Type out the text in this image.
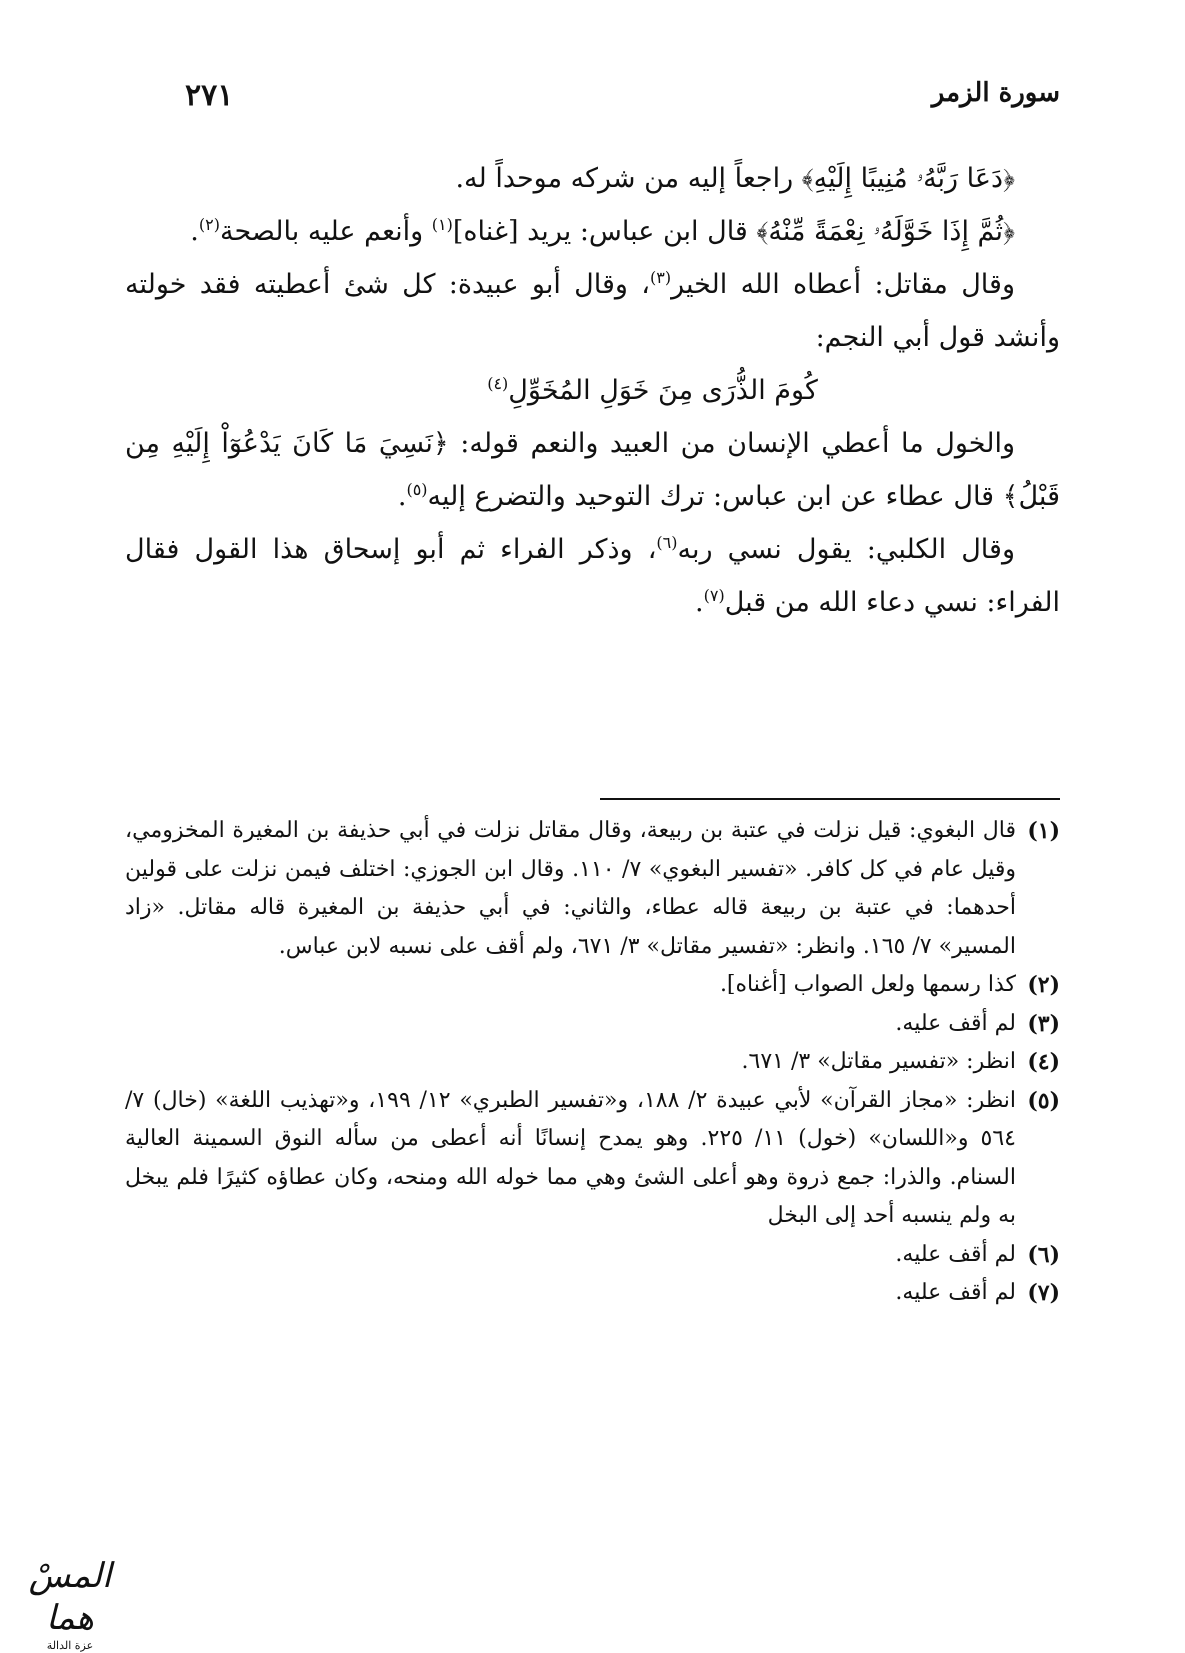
سورة الزمر
٢٧١

﴿دَعَا رَبَّهُۥ مُنِيبًا إِلَيْهِ﴾ راجعاً إليه من شركه موحداً له.

﴿ثُمَّ إِذَا خَوَّلَهُۥ نِعْمَةً مِّنْهُ﴾ قال ابن عباس: يريد [غناه]$^{(١)}$ وأنعم عليه بالصحة$^{(٢)}$.

وقال مقاتل: أعطاه الله الخير$^{(٣)}$، وقال أبو عبيدة: كل شئ أعطيته فقد خولته وأنشد قول أبي النجم:

كُومَ الذُّرَى مِنَ خَوَلِ المُخَوِّلِ$^{(٤)}$

والخول ما أعطي الإنسان من العبيد والنعم قوله: ﴿نَسِيَ مَا كَانَ يَدْعُوٓاْ إِلَيْهِ مِن قَبْلُ﴾ قال عطاء عن ابن عباس: ترك التوحيد والتضرع إليه$^{(٥)}$.

وقال الكلبي: يقول نسي ربه$^{(٦)}$، وذكر الفراء ثم أبو إسحاق هذا القول فقال الفراء: نسي دعاء الله من قبل$^{(٧)}$.

(١)
قال البغوي: قيل نزلت في عتبة بن ربيعة، وقال مقاتل نزلت في أبي حذيفة بن المغيرة المخزومي، وقيل عام في كل كافر. «تفسير البغوي» ٧/ ١١٠. وقال ابن الجوزي: اختلف فيمن نزلت على قولين أحدهما: في عتبة بن ربيعة قاله عطاء، والثاني: في أبي حذيفة بن المغيرة قاله مقاتل. «زاد المسير» ٧/ ١٦٥. وانظر: «تفسير مقاتل» ٣/ ٦٧١، ولم أقف على نسبه لابن عباس.
(٢)
كذا رسمها ولعل الصواب [أغناه].
(٣)
لم أقف عليه.
(٤)
انظر: «تفسير مقاتل» ٣/ ٦٧١.
(٥)
انظر: «مجاز القرآن» لأبي عبيدة ٢/ ١٨٨، و«تفسير الطبري» ١٢/ ١٩٩، و«تهذيب اللغة» (خال) ٧/ ٥٦٤ و«اللسان» (خول) ١١/ ٢٢٥. وهو يمدح إنسانًا أنه أعطى من سأله النوق السمينة العالية السنام. والذرا: جمع ذروة وهو أعلى الشئ وهي مما خوله الله ومنحه، وكان عطاؤه كثيرًا فلم يبخل به ولم ينسبه أحد إلى البخل
(٦)
لم أقف عليه.
(٧)
لم أقف عليه.
المسْ هما
عزة الدالة
